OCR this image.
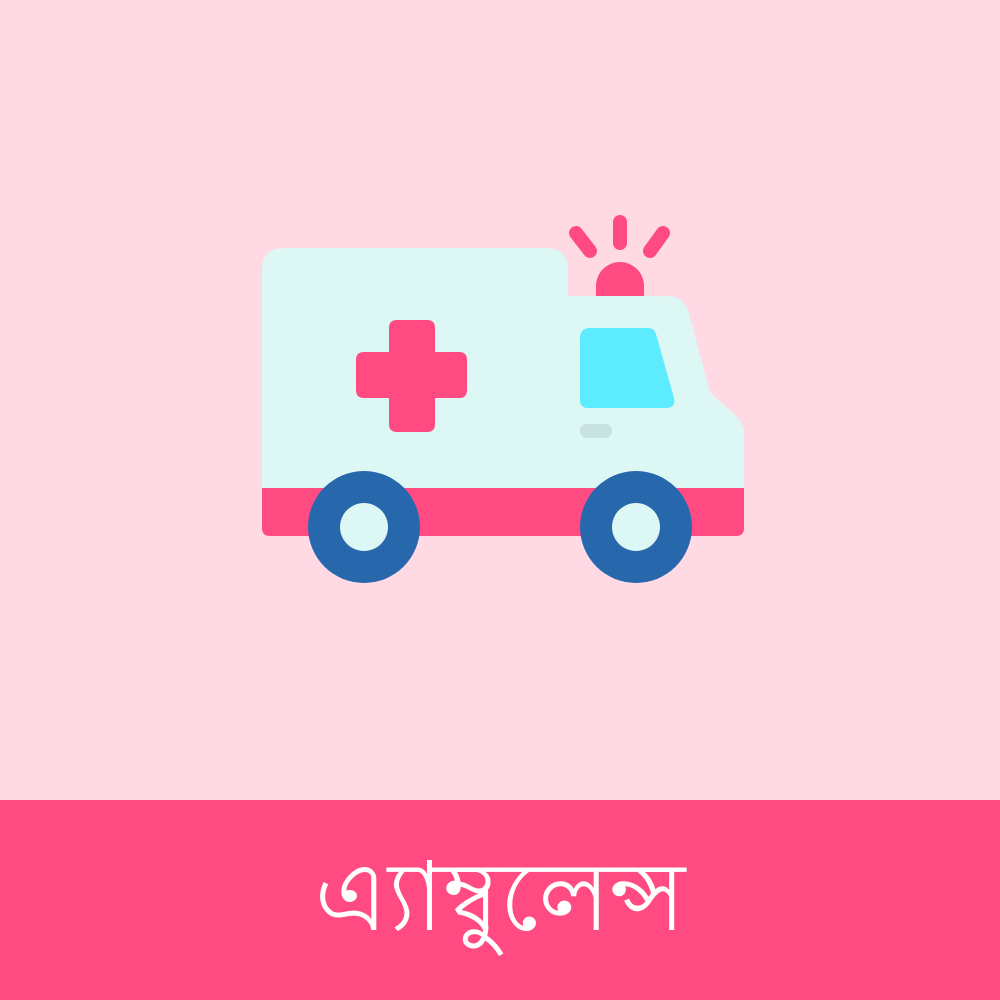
এ্যাম্বুলেন্স
